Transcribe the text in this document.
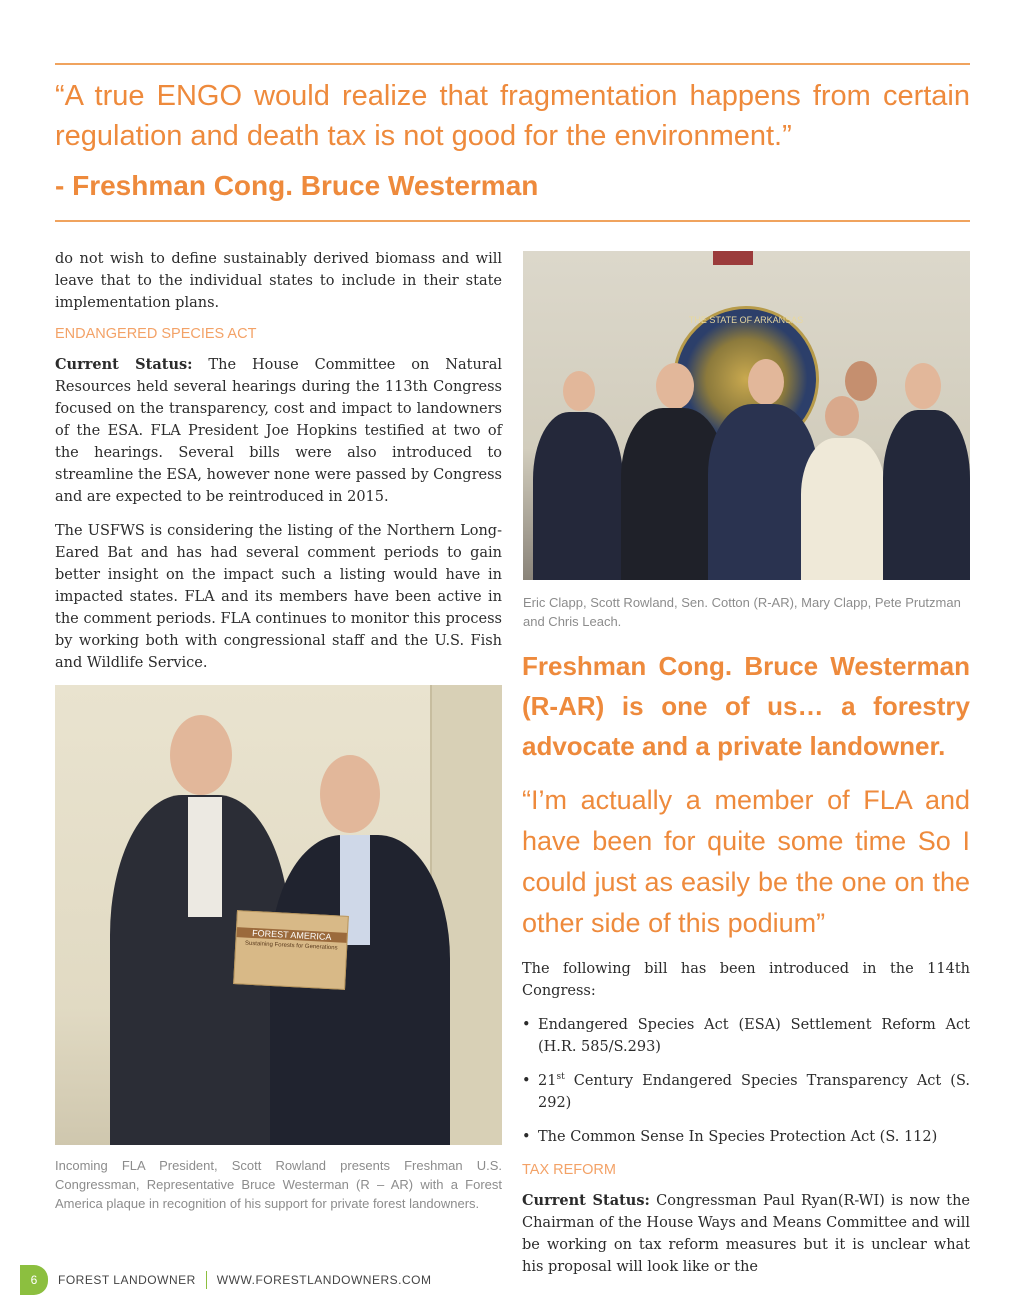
“A true ENGO would realize that fragmentation happens from certain regulation and death tax is not good for the environment.”

- Freshman Cong. Bruce Westerman

do not wish to define sustainably derived biomass and will leave that to the individual states to include in their state implementation plans.

ENDANGERED SPECIES ACT

Current Status: The House Committee on Natural Resources held several hearings during the 113th Congress focused on the transparency, cost and impact to landowners of the ESA. FLA President Joe Hopkins testified at two of the hearings. Several bills were also introduced to streamline the ESA, however none were passed by Congress and are expected to be reintroduced in 2015.

The USFWS is considering the listing of the Northern Long-Eared Bat and has had several comment periods to gain better insight on the impact such a listing would have in impacted states. FLA and its members have been active in the comment periods. FLA continues to monitor this process by working both with congressional staff and the U.S. Fish and Wildlife Service.

THE STATE OF ARKANSAS

Eric Clapp, Scott Rowland, Sen. Cotton (R-AR), Mary Clapp, Pete Prutzman and Chris Leach.

FOREST AMERICA
Sustaining Forests for Generations

Incoming FLA President, Scott Rowland presents Freshman U.S. Congressman, Representative Bruce Westerman (R – AR) with a Forest America plaque in recognition of his support for private forest landowners.

Freshman Cong. Bruce Westerman (R-AR) is one of us… a forestry advocate and a private landowner.

“I’m actually a member of FLA and have been for quite some time So I could just as easily be the one on the other side of this podium”

The following bill has been introduced in the 114th Congress:

• Endangered Species Act (ESA) Settlement Reform Act (H.R. 585/S.293)
• 21st Century Endangered Species Transparency Act (S. 292)
• The Common Sense In Species Protection Act (S. 112)

TAX REFORM

Current Status: Congressman Paul Ryan(R-WI) is now the Chairman of the House Ways and Means Committee and will be working on tax reform measures but it is unclear what his proposal will look like or the

6	FOREST LANDOWNER WWW.FORESTLANDOWNERS.COM
